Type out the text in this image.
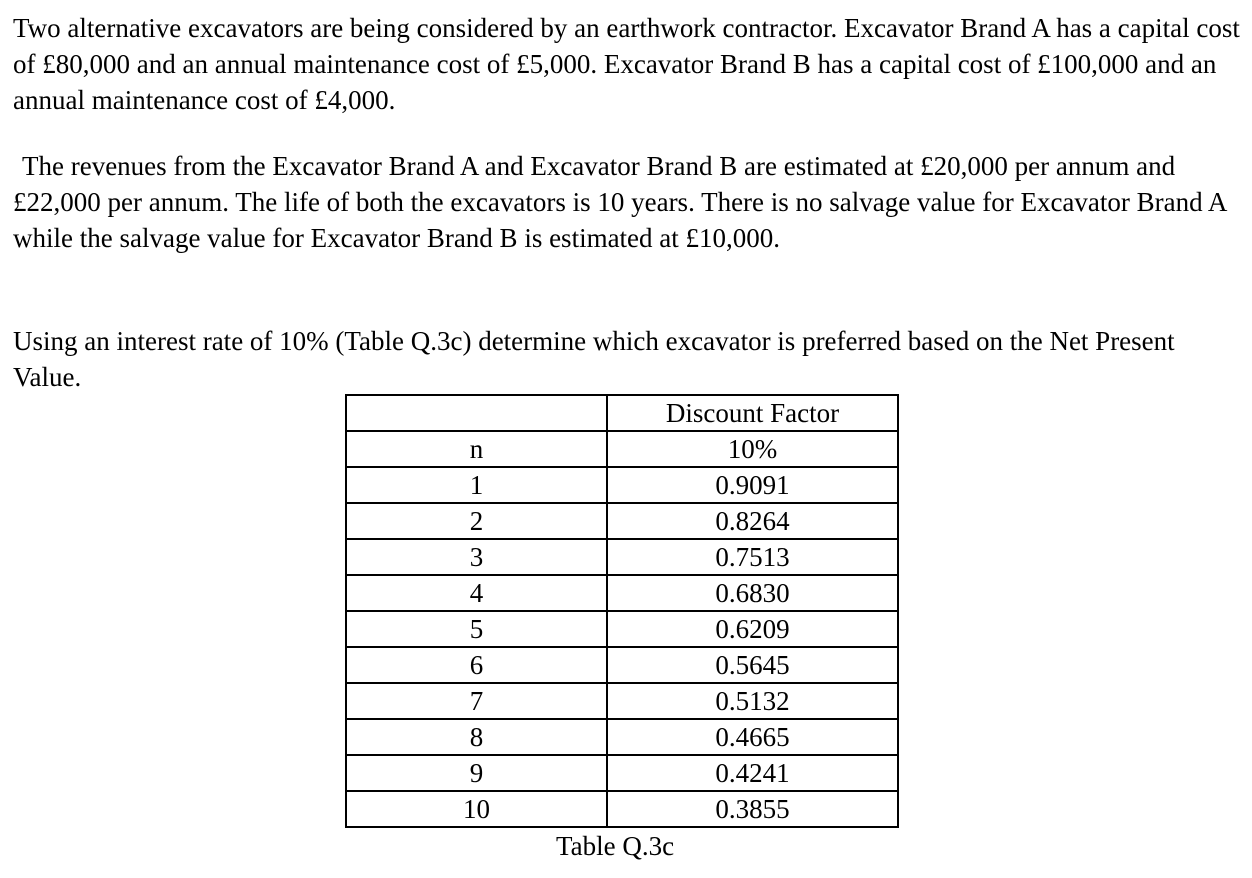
Two alternative excavators are being considered by an earthwork contractor. Excavator Brand A has a capital cost of £80,000 and an annual maintenance cost of £5,000. Excavator Brand B has a capital cost of £100,000 and an annual maintenance cost of £4,000.

The revenues from the Excavator Brand A and Excavator Brand B are estimated at £20,000 per annum and £22,000 per annum. The life of both the excavators is 10 years. There is no salvage value for Excavator Brand A while the salvage value for Excavator Brand B is estimated at £10,000.

Using an interest rate of 10% (Table Q.3c) determine which excavator is preferred based on the Net Present Value.

	Discount Factor
n	10%
1	0.9091
2	0.8264
3	0.7513
4	0.6830
5	0.6209
6	0.5645
7	0.5132
8	0.4665
9	0.4241
10	0.3855
Table Q.3c
